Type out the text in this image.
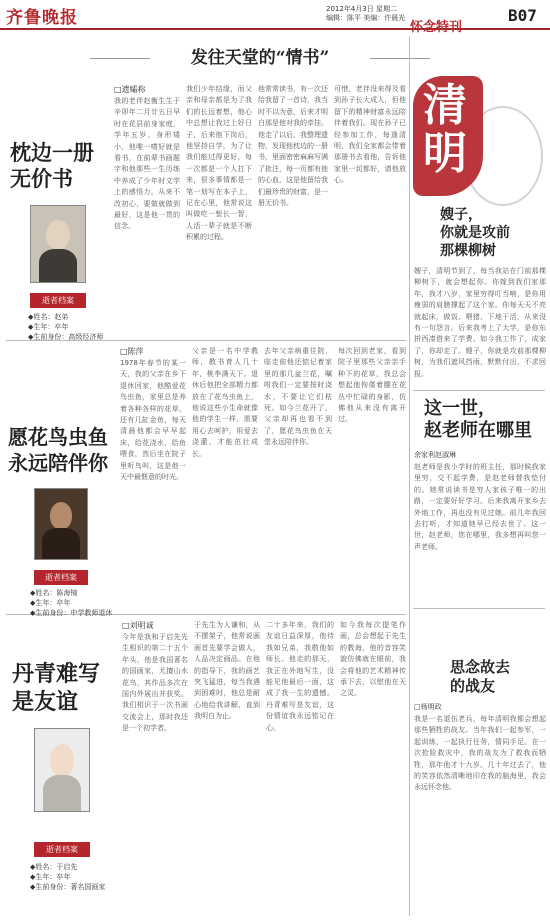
齐鲁晚报	2012年4月3日 星期二
编辑：陈平 美编：许晨光
怀念特刊
B07
发往天堂的“情书”
枕边一册
无价书
逝者档案
◆姓名：赵弟
◆生年：卒年
◆生前身份：高级经济师
□遗孀称
我的老伴赵衡生生于辛卯年二月廿五日早时在花县前身家庭，学年五岁，身形矮小，他唯一嗜好就是看书，在前辈书画题字和他那些一生历练中养成了少年时文学上的感悟力。从来不改初心，要做就做到最好，这是他一贯的信念。
我们少年结缘，而父亲和母亲都是为了我们的长远着想，他心中总想让我过上好日子，后来他下岗后，他坚持自学，为了让我们能过得更好，每一次都是一个人扛下来，很多事情都是一笔一划写在本子上，记在心里，他常说这叫做吃一堑长一智，人活一辈子就是不断积累的过程。
他常常读书，有一次还给我留了一首诗，我当时不以为意，后来才明白那是他对我的牵挂。他走了以后，我整理遗物，发现他枕边的一册书，里面密密麻麻写满了批注，每一页都有他的心血，这是他留给我们最珍贵的财富，是一册无价书。
可惜，老伴没来得及看到孙子长大成人，但他留下的精神财富永远陪伴着我们。现在孙子已经参加工作，每逢清明，我们全家都会带着那册书去看他，告诉他家里一切都好，请他放心。
愿花鸟虫鱼
永远陪伴你
逝者档案
◆姓名：陈海镜
◆生年：卒年
◆生前身份：中学教师退休
□陈萍
1978年春节的某一天，我的父亲在乡下退休回家，他酷爱花鸟虫鱼，家里总是养着各种各样的花草，还有几缸金鱼，每天清晨他都会早早起床，给花浇水，给鱼喂食，然后坐在院子里听鸟叫，这是他一天中最惬意的时光。
父亲是一名中学教师，教书育人几十年，桃李满天下。退休后他把全部精力都放在了花鸟虫鱼上，他说这些小生命就像他的学生一样，需要用心去呵护，用爱去浇灌，才能茁壮成长。
去年父亲病重住院，临走前他还惦记着家里的那几盆兰花，嘱咐我们一定要按时浇水，不要让它们枯死。如今兰花开了，父亲却再也看不到了，愿花鸟虫鱼在天堂永远陪伴你。
每次回到老家，看到院子里那些父亲亲手种下的花草，我总会想起他佝偻着腰在花丛中忙碌的身影，仿佛他从来没有离开过。
丹青难写
是友谊
逝者档案
◆姓名：于启先
◆生年：卒年
◆生前身份：著名国画家
□刘明诚
今年是我和于启先先生相识的第二十五个年头，他是我国著名的国画家，尤擅山水花鸟，其作品多次在国内外展出并获奖。我们相识于一次书画交流会上，那时我还是一个初学者。
于先生为人谦和，从不摆架子，他常说画画首先要学会做人，人品决定画品。在他的指导下，我的画艺突飞猛进，每当我遇到困难时，他总是耐心地给我讲解，直到我明白为止。
二十多年来，我们的友谊日益深厚，他待我如兄弟，我敬他如师长。他走的那天，我正在外地写生，没能见他最后一面，这成了我一生的遗憾。丹青难写是友谊，这份情谊我永远铭记在心。
如今我每次提笔作画，总会想起于先生的教诲，他的音容笑貌仿佛就在眼前，我会将他的艺术精神传承下去，以慰他在天之灵。
清明
嫂子，
你就是攻前
那棵柳树
嫂子，清明节到了，每当我站在门前那棵柳树下，就会想起你。你嫁到我们家那年，我才八岁，家里穷得叮当响，是你用瘦弱的肩膀撑起了这个家。你每天天不亮就起床，做饭、喂猪、下地干活，从来没有一句怨言。后来我考上了大学，是你东拼西凑借来了学费。如今我工作了，成家了，你却走了。嫂子，你就是攻前那棵柳树，为我们遮风挡雨，默默付出，不求回报。
这一世，
赵老师在哪里
余家利赵淑琳
赵老师是我小学时的班主任，那时候我家里穷，交不起学费，是赵老师替我垫付的。她常说读书是穷人家孩子唯一的出路，一定要好好学习。后来我离开家乡去外地工作，再也没有见过她。前几年我回去打听，才知道她早已经去世了。这一世，赵老师，您在哪里，我多想再叫您一声老师。
思念故去
的战友
□杨明政
我是一名退伍老兵，每年清明我都会想起那些牺牲的战友。当年我们一起参军，一起训练，一起执行任务，情同手足。在一次抢险救灾中，我的战友为了救我而牺牲，那年他才十九岁。几十年过去了，他的笑容依然清晰地印在我的脑海里，我会永远怀念他。
